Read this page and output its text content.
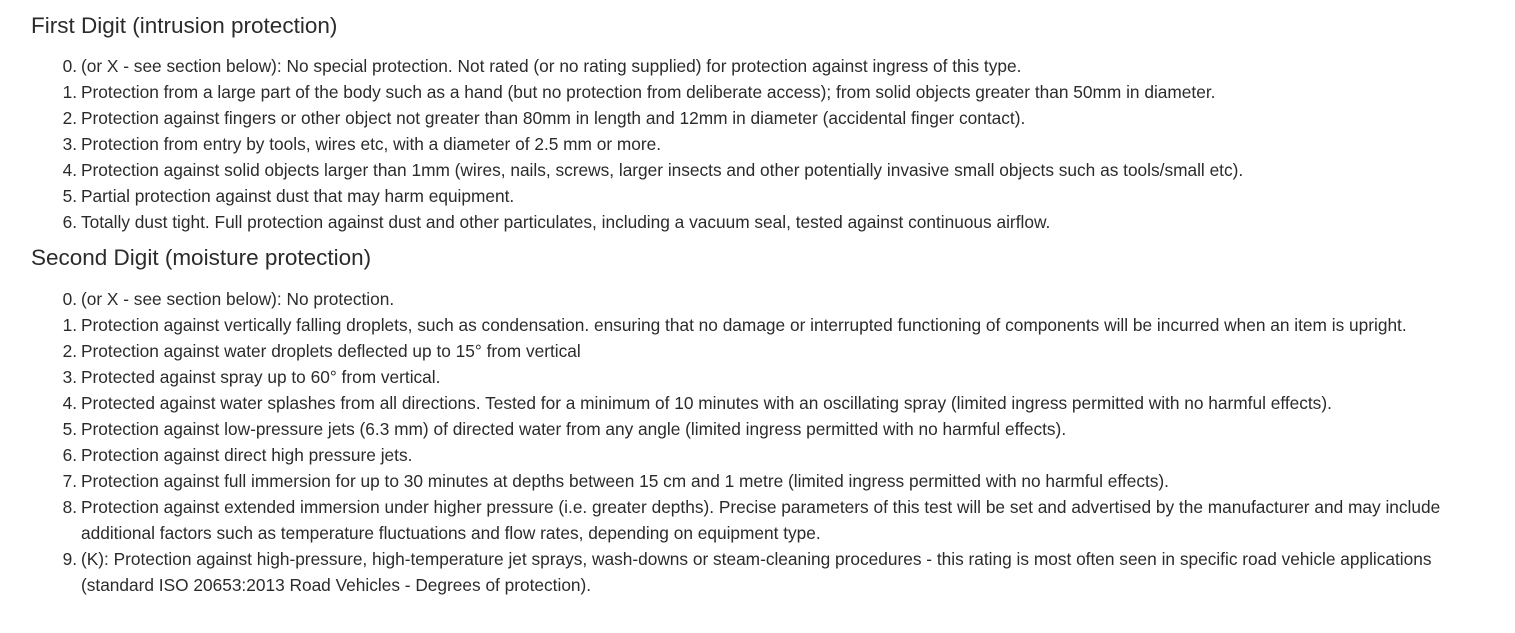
First Digit (intrusion protection)
0. (or X - see section below): No special protection. Not rated (or no rating supplied) for protection against ingress of this type.
1. Protection from a large part of the body such as a hand (but no protection from deliberate access); from solid objects greater than 50mm in diameter.
2. Protection against fingers or other object not greater than 80mm in length and 12mm in diameter (accidental finger contact).
3. Protection from entry by tools, wires etc, with a diameter of 2.5 mm or more.
4. Protection against solid objects larger than 1mm (wires, nails, screws, larger insects and other potentially invasive small objects such as tools/small etc).
5. Partial protection against dust that may harm equipment.
6. Totally dust tight. Full protection against dust and other particulates, including a vacuum seal, tested against continuous airflow.
Second Digit (moisture protection)
0. (or X - see section below): No protection.
1. Protection against vertically falling droplets, such as condensation. ensuring that no damage or interrupted functioning of components will be incurred when an item is upright.
2. Protection against water droplets deflected up to 15° from vertical
3. Protected against spray up to 60° from vertical.
4. Protected against water splashes from all directions. Tested for a minimum of 10 minutes with an oscillating spray (limited ingress permitted with no harmful effects).
5. Protection against low-pressure jets (6.3 mm) of directed water from any angle (limited ingress permitted with no harmful effects).
6. Protection against direct high pressure jets.
7. Protection against full immersion for up to 30 minutes at depths between 15 cm and 1 metre (limited ingress permitted with no harmful effects).
8. Protection against extended immersion under higher pressure (i.e. greater depths). Precise parameters of this test will be set and advertised by the manufacturer and may include additional factors such as temperature fluctuations and flow rates, depending on equipment type.
9. (K): Protection against high-pressure, high-temperature jet sprays, wash-downs or steam-cleaning procedures - this rating is most often seen in specific road vehicle applications (standard ISO 20653:2013 Road Vehicles - Degrees of protection).
